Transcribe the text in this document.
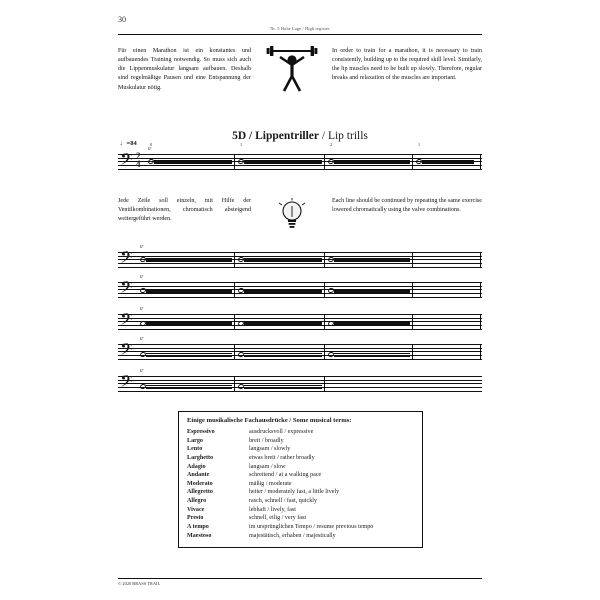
30
Nr. 5 Hohe Lage / High register
Für einen Marathon ist ein konstantes und aufbauendes Training notwendig. So muss sich auch die Lippenmuskulatur langsam aufbauen. Deshalb sind regelmäßige Pausen und eine Entspannung der Muskulatur nötig.
In order to train for a marathon, it is necessary to train consistently, building up to the required skill level. Similarly, the lip muscles need to be built up slowly. Therefore, regular breaks and relaxation of the muscles are important.
5D / Lippentriller / Lip trills
♩=84
𝄢 2
4
tr
0	1	2	1
Jede Zeile soll einzeln, mit Hilfe der Ventilkombinationen, chromatisch absteigend weitergeführt werden.
Each line should be continued by repeating the same exercise lowered chromatically using the valve combinations.
𝄢 tr
𝄢 tr
𝄢 tr
𝄢 tr
𝄢 tr
Einige musikalische Fachausdrücke / Some musical terms:
Espressivo	ausdrucksvoll / expressive
Largo	breit / broadly
Lento	langsam / slowly
Larghetto	etwas breit / rather broadly
Adagio	langsam / slow
Andante	schreitend / at a walking pace
Moderato	mäßig / moderate
Allegretto	heiter / moderately fast, a little lively
Allegro	rasch, schnell / fast, quickly
Vivace	lebhaft / lively, fast
Presto	schnell, eilig / very fast
A tempo	im ursprünglichen Tempo / resume previous tempo
Maestoso	majestätisch, erhaben / majestically
© 2020 BRASS TRAIL
